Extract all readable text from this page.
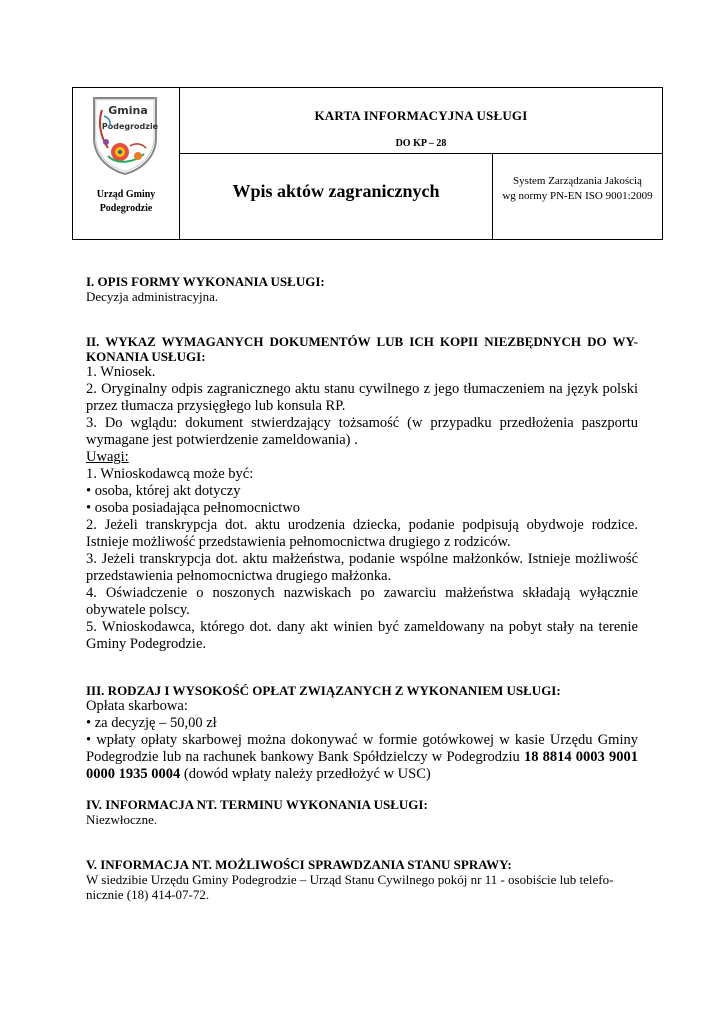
Gmina
Podegrodzie
Urząd Gminy Podegrodzie
KARTA INFORMACYJNA USŁUGI
DO KP – 28
Wpis aktów zagranicznych	System Zarządzania Jakością
wg normy PN-EN ISO 9001:2009

I. OPIS FORMY WYKONANIA USŁUGI:

Decyzja administracyjna.

II. WYKAZ WYMAGANYCH DOKUMENTÓW LUB ICH KOPII NIEZBĘDNYCH DO WY-KONANIA USŁUGI:

1. Wniosek.

2. Oryginalny odpis zagranicznego aktu stanu cywilnego z jego tłumaczeniem na język polski przez tłumacza przysięgłego lub konsula RP.

3. Do wglądu: dokument stwierdzający tożsamość (w przypadku przedłożenia paszportu wymagane jest potwierdzenie zameldowania) .

Uwagi:

1. Wnioskodawcą może być:

• osoba, której akt dotyczy

• osoba posiadająca pełnomocnictwo

2. Jeżeli transkrypcja dot. aktu urodzenia dziecka, podanie podpisują obydwoje rodzice. Istnieje możliwość przedstawienia pełnomocnictwa drugiego z rodziców.

3. Jeżeli transkrypcja dot. aktu małżeństwa, podanie wspólne małżonków. Istnieje możliwość przedstawienia pełnomocnictwa drugiego małżonka.

4. Oświadczenie o noszonych nazwiskach po zawarciu małżeństwa składają wyłącznie obywatele polscy.

5. Wnioskodawca, którego dot. dany akt winien być zameldowany na pobyt stały na terenie Gminy Podegrodzie.

III. RODZAJ I WYSOKOŚĆ OPŁAT ZWIĄZANYCH Z WYKONANIEM USŁUGI:

Opłata skarbowa:

• za decyzję – 50,00 zł

• wpłaty opłaty skarbowej można dokonywać w formie gotówkowej w kasie Urzędu Gminy Podegrodzie lub na rachunek bankowy Bank Spółdzielczy w Podegrodziu 18 8814 0003 9001 0000 1935 0004 (dowód wpłaty należy przedłożyć w USC)

IV. INFORMACJA NT. TERMINU WYKONANIA USŁUGI:

Niezwłoczne.

V. INFORMACJA NT. MOŻLIWOŚCI SPRAWDZANIA STANU SPRAWY:

W siedzibie Urzędu Gminy Podegrodzie – Urząd Stanu Cywilnego pokój nr 11 - osobiście lub telefo-nicznie (18) 414-07-72.
